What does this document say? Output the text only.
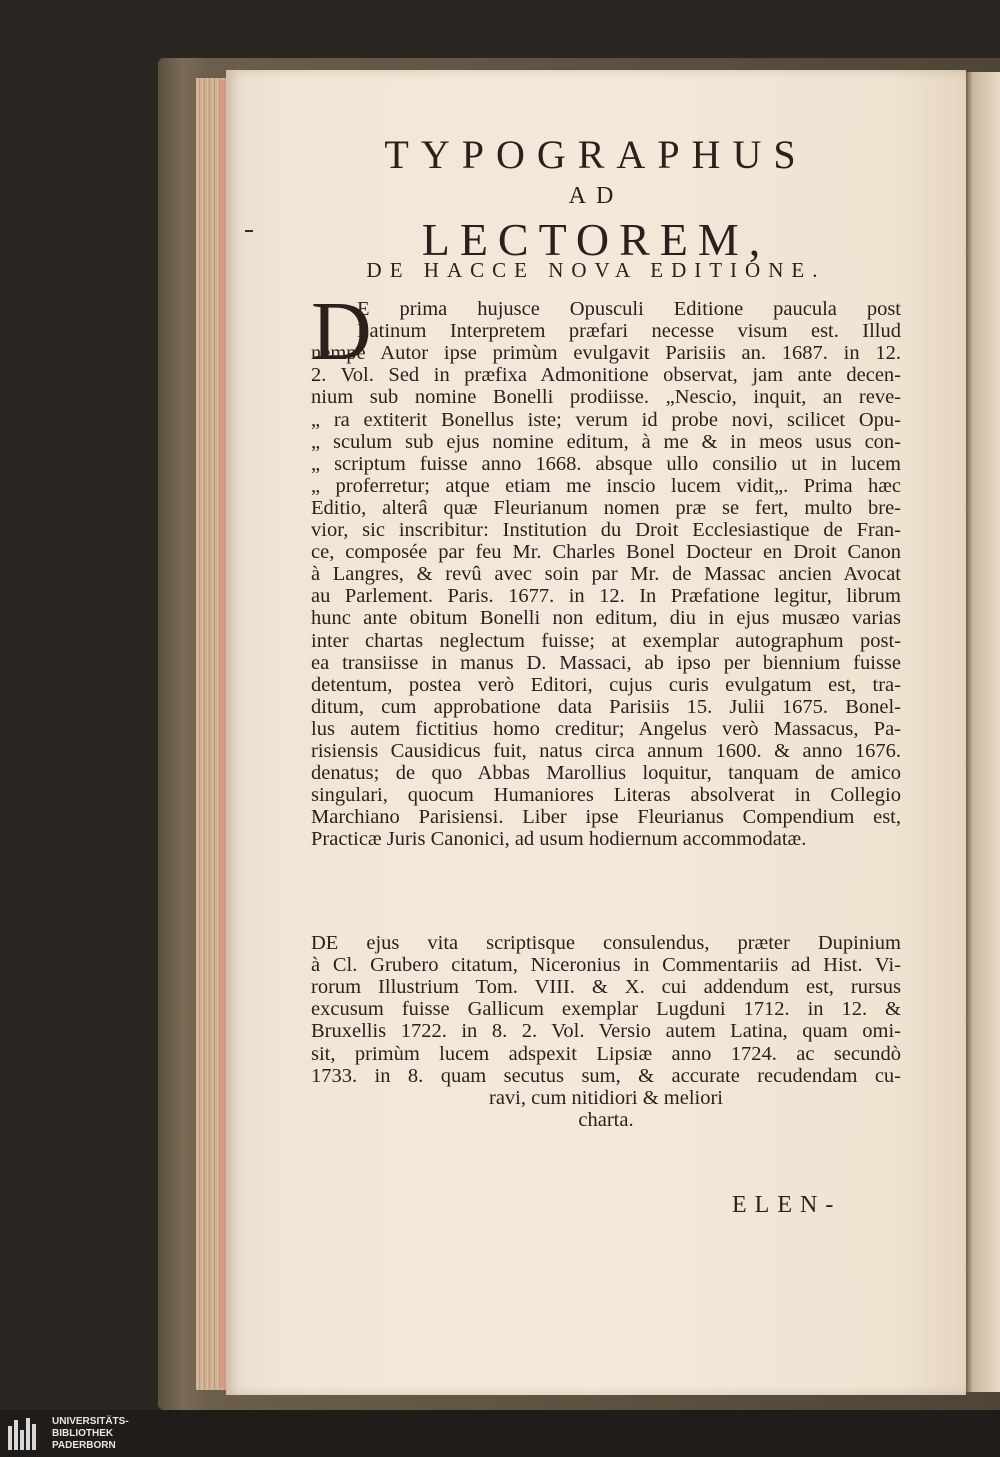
TYPOGRAPHUS
AD
LECTOREM,
DE HACCE NOVA EDITIONE.
D
E prima hujusce Opusculi Editione paucula post
Latinum Interpretem præfari necesse visum est. Illud
nempe Autor ipse primùm evulgavit Parisiis an. 1687. in 12.
2. Vol. Sed in præfixa Admonitione observat, jam ante decen-
nium sub nomine Bonelli prodiisse. „Nescio, inquit, an reve-
„ ra extiterit Bonellus iste; verum id probe novi, scilicet Opu-
„ sculum sub ejus nomine editum, à me & in meos usus con-
„ scriptum fuisse anno 1668. absque ullo consilio ut in lucem
„ proferretur; atque etiam me inscio lucem vidit„. Prima hæc
Editio, alterâ quæ Fleurianum nomen præ se fert, multo bre-
vior, sic inscribitur: Institution du Droit Ecclesiastique de Fran-
ce, composée par feu Mr. Charles Bonel Docteur en Droit Canon
à Langres, & revû avec soin par Mr. de Massac ancien Avocat
au Parlement. Paris. 1677. in 12. In Præfatione legitur, librum
hunc ante obitum Bonelli non editum, diu in ejus musæo varias
inter chartas neglectum fuisse; at exemplar autographum post-
ea transiisse in manus D. Massaci, ab ipso per biennium fuisse
detentum, postea verò Editori, cujus curis evulgatum est, tra-
ditum, cum approbatione data Parisiis 15. Julii 1675. Bonel-
lus autem fictitius homo creditur; Angelus verò Massacus, Pa-
risiensis Causidicus fuit, natus circa annum 1600. & anno 1676.
denatus; de quo Abbas Marollius loquitur, tanquam de amico
singulari, quocum Humaniores Literas absolverat in Collegio
Marchiano Parisiensi. Liber ipse Fleurianus Compendium est,
Practicæ Juris Canonici, ad usum hodiernum accommodatæ.
DE ejus vita scriptisque consulendus, præter Dupinium
à Cl. Grubero citatum, Niceronius in Commentariis ad Hist. Vi-
rorum Illustrium Tom. VIII. & X. cui addendum est, rursus
excusum fuisse Gallicum exemplar Lugduni 1712. in 12. &
Bruxellis 1722. in 8. 2. Vol. Versio autem Latina, quam omi-
sit, primùm lucem adspexit Lipsiæ anno 1724. ac secundò
1733. in 8. quam secutus sum, & accurate recudendam cu-
ravi, cum nitidiori & meliori
charta.
ELEN-
UNIVERSITÄTS-
BIBLIOTHEK
PADERBORN
